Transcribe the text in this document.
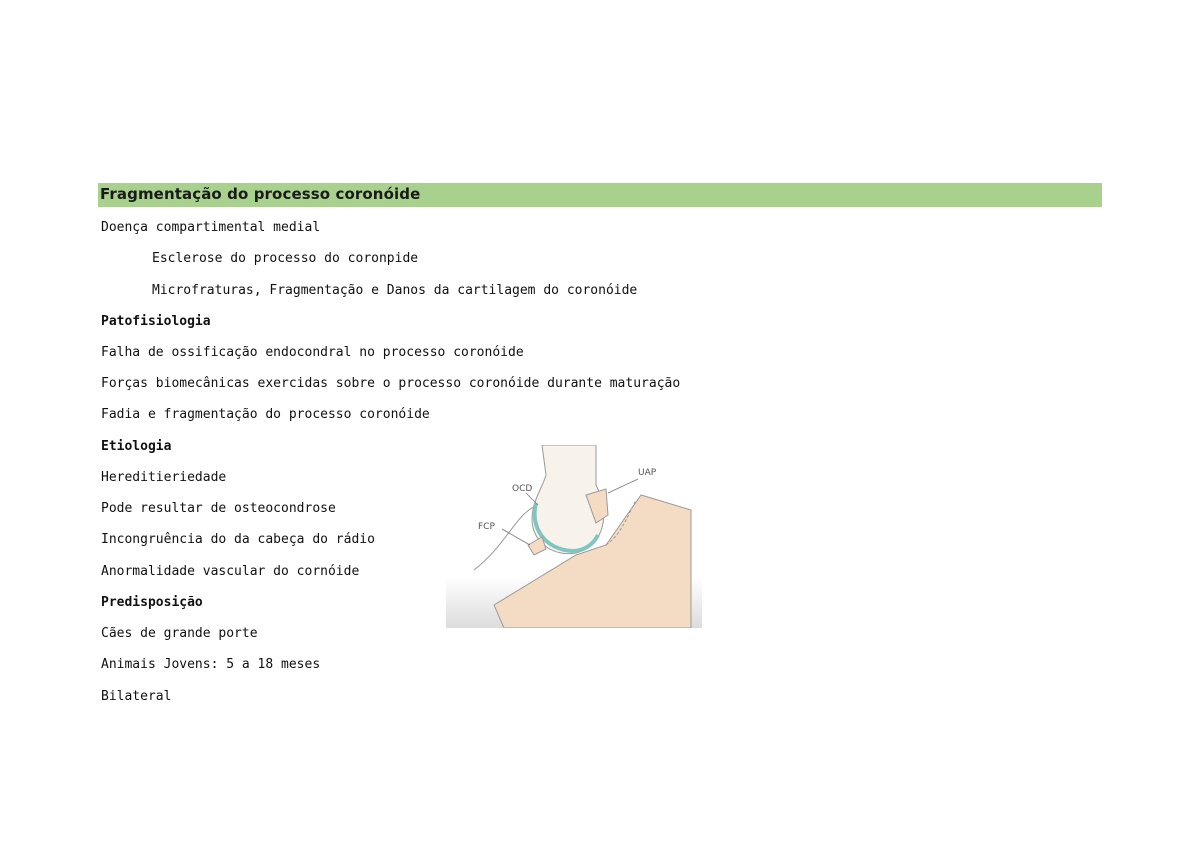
Fragmentação do processo coronóide
Doença compartimental medial
Esclerose do processo do coronpide
Microfraturas, Fragmentação e Danos da cartilagem do coronóide
Patofisiologia
Falha de ossificação endocondral no processo coronóide
Forças biomecânicas exercidas sobre o processo coronóide durante maturação
Fadia e fragmentação do processo coronóide
Etiologia
Hereditieriedade
Pode resultar de osteocondrose
Incongruência do da cabeça do rádio
Anormalidade vascular do cornóide
Predisposição
Cães de grande porte
Animais Jovens: 5 a 18 meses
Bilateral
OCD
UAP
FCP
